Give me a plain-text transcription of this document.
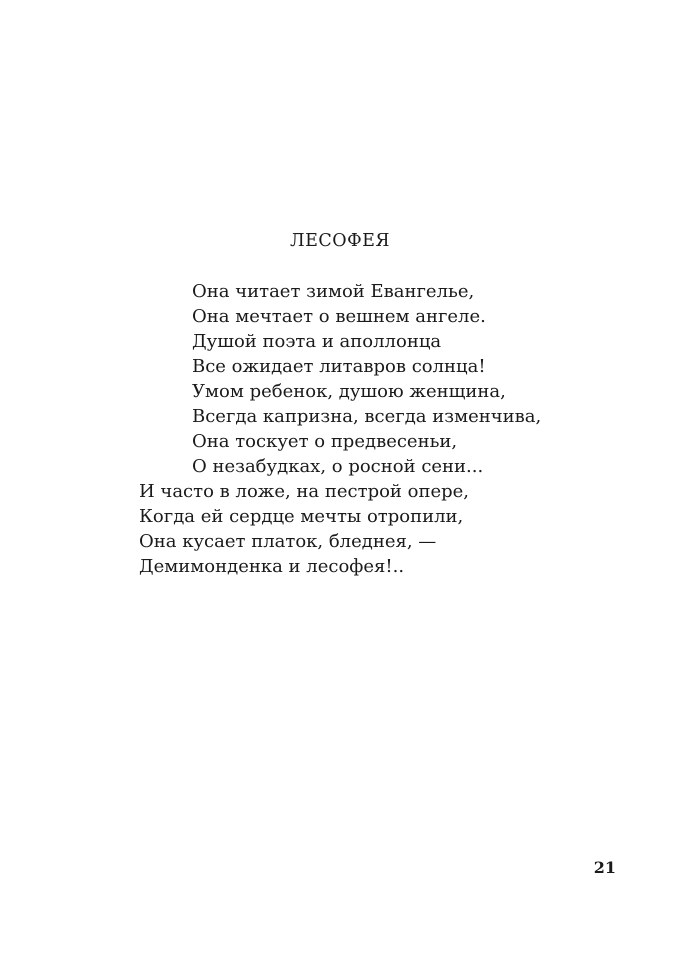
ЛЕСОФЕЯ
Она читает зимой Евангелье,
Она мечтает о вешнем ангеле.
Душой поэта и аполлонца
Все ожидает литавров солнца!
Умом ребенок, душою женщина,
Всегда капризна, всегда изменчива,
Она тоскует о предвесеньи,
О незабудках, о росной сени...
И часто в ложе, на пестрой опере,
Когда ей сердце мечты отропили,
Она кусает платок, бледнея, —
Демимонденка и лесофея!..
21
